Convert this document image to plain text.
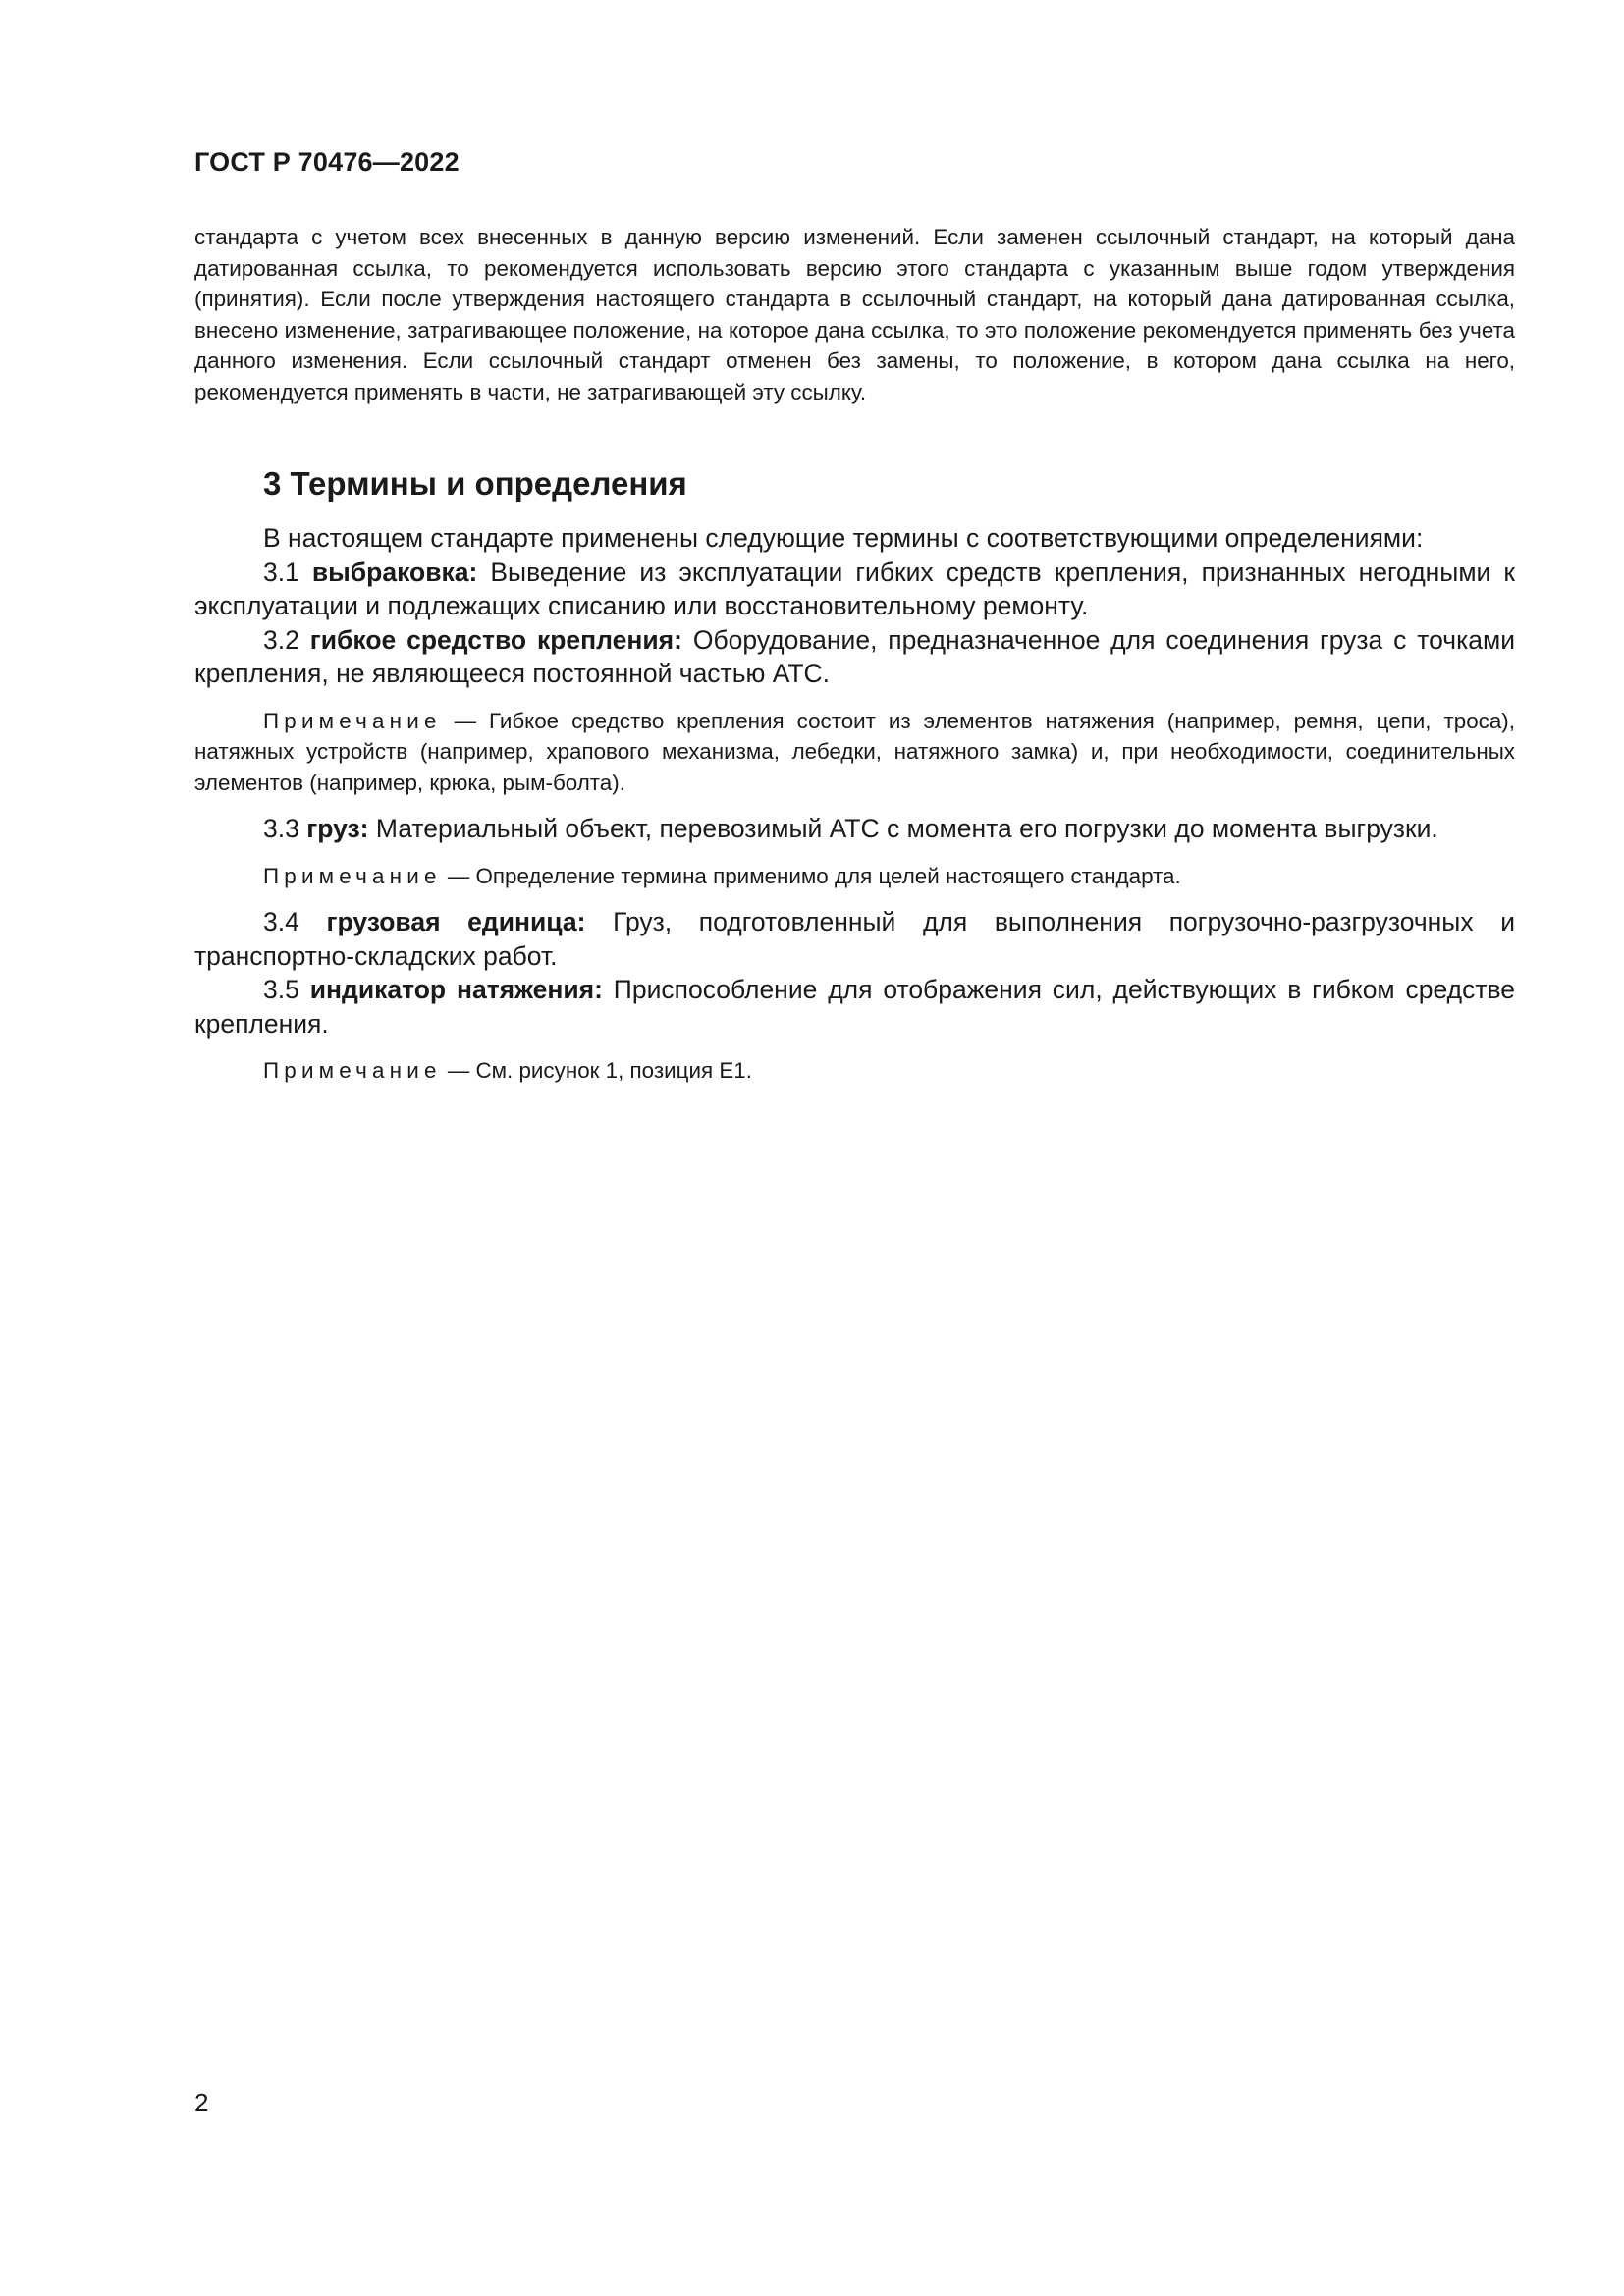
ГОСТ Р 70476—2022

стандарта с учетом всех внесенных в данную версию изменений. Если заменен ссылочный стандарт, на который дана датированная ссылка, то рекомендуется использовать версию этого стандарта с указанным выше годом утверждения (принятия). Если после утверждения настоящего стандарта в ссылочный стандарт, на который дана датированная ссылка, внесено изменение, затрагивающее положение, на которое дана ссылка, то это положение рекомендуется применять без учета данного изменения. Если ссылочный стандарт отменен без замены, то положение, в котором дана ссылка на него, рекомендуется применять в части, не затрагивающей эту ссылку.

3 Термины и определения

В настоящем стандарте применены следующие термины с соответствующими определениями:

3.1 выбраковка: Выведение из эксплуатации гибких средств крепления, признанных негодными к эксплуатации и подлежащих списанию или восстановительному ремонту.

3.2 гибкое средство крепления: Оборудование, предназначенное для соединения груза с точками крепления, не являющееся постоянной частью АТС.

Примечание — Гибкое средство крепления состоит из элементов натяжения (например, ремня, цепи, троса), натяжных устройств (например, храпового механизма, лебедки, натяжного замка) и, при необходимости, соединительных элементов (например, крюка, рым-болта).

3.3 груз: Материальный объект, перевозимый АТС с момента его погрузки до момента выгрузки.

Примечание — Определение термина применимо для целей настоящего стандарта.

3.4 грузовая единица: Груз, подготовленный для выполнения погрузочно-разгрузочных и транспортно-складских работ.

3.5 индикатор натяжения: Приспособление для отображения сил, действующих в гибком средстве крепления.

Примечание — См. рисунок 1, позиция Е1.

2
